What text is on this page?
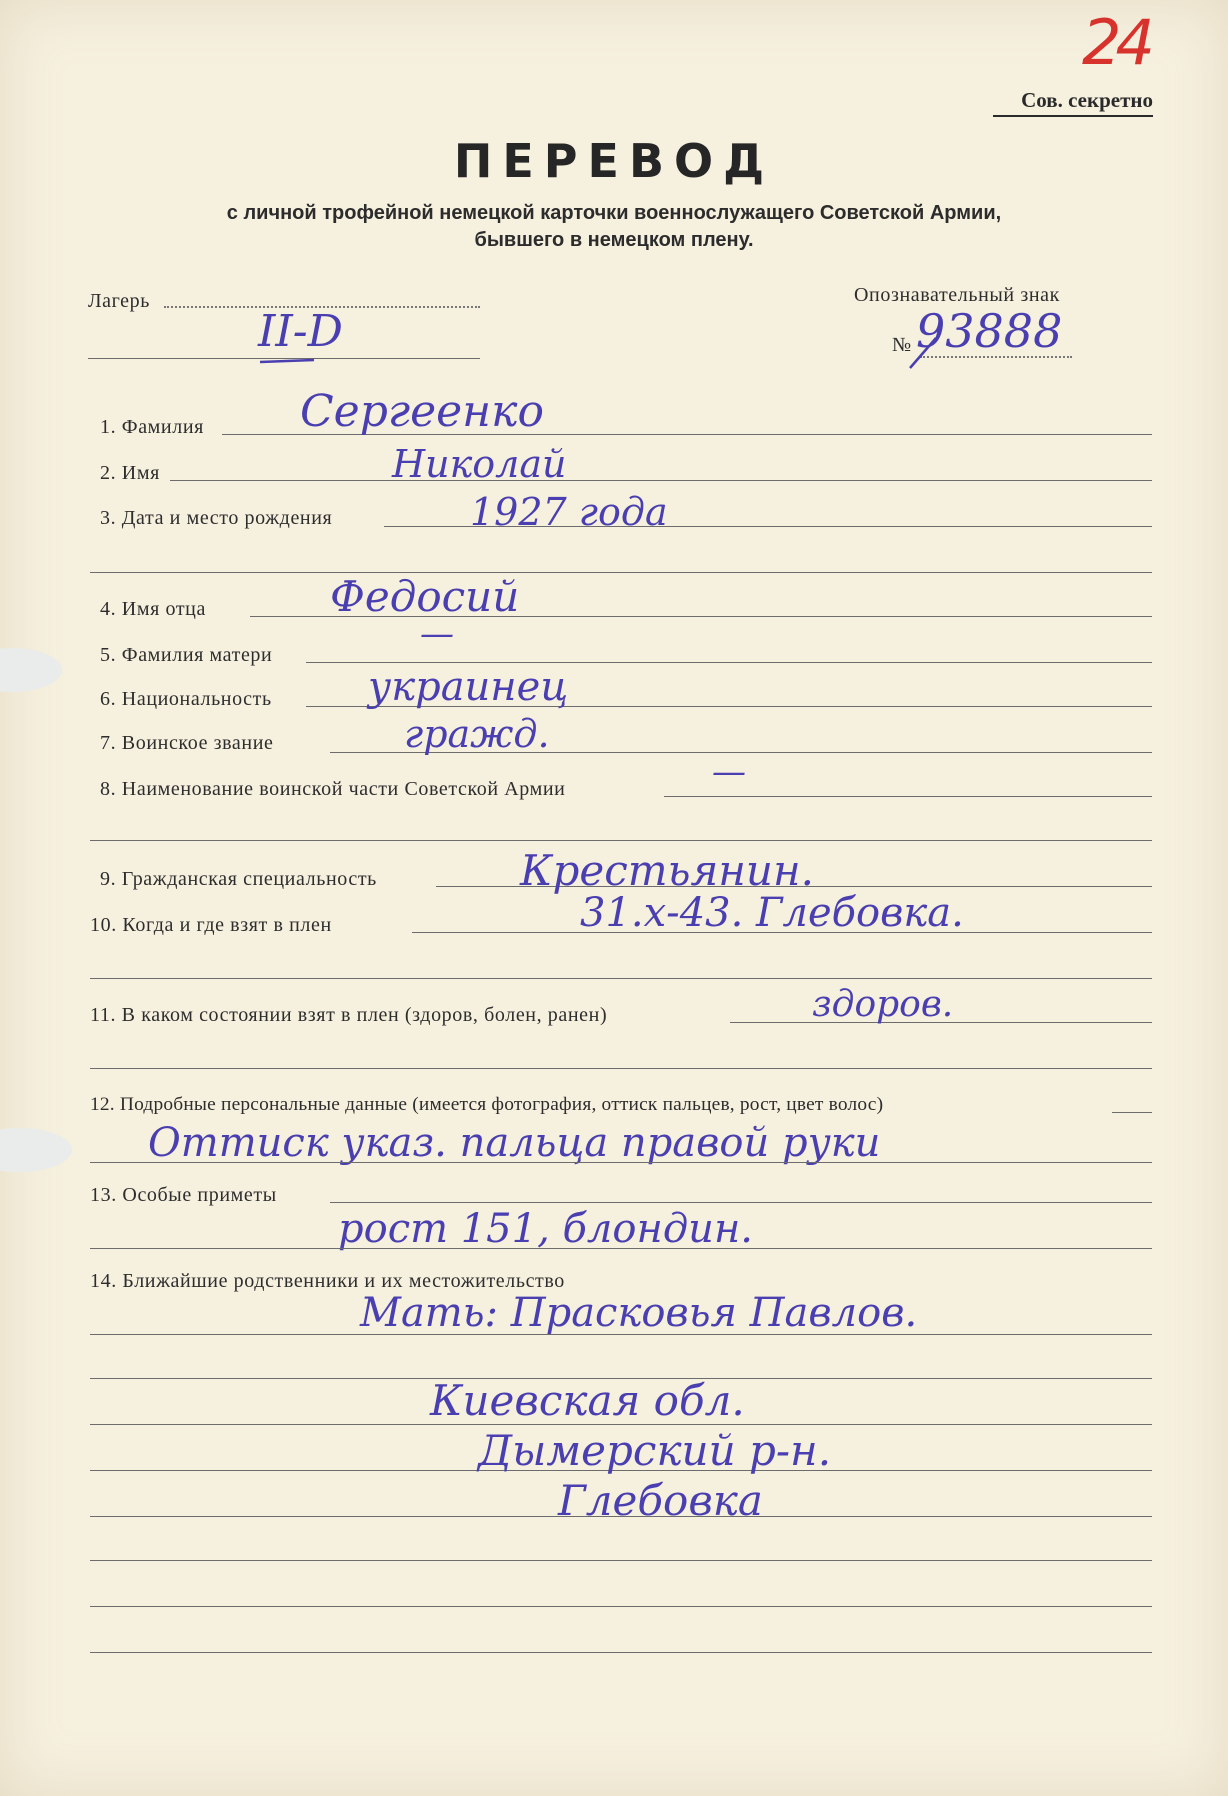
24
Сов. секретно
ПЕРЕВОД
с личной трофейной немецкой карточки военнослужащего Советской Армии,
бывшего в немецком плену.
Лагерь
II-D
Опознавательный знак
№ 93888
1. Фамилия Сергеенко
2. Имя	Николай
3. Дата и место рождения	1927 года
4. Имя отца	Федосий
5. Фамилия матери
—
6. Национальность украинец
7. Воинское звание	гражд.
8. Наименование воинской части Советской Армии	—
9. Гражданская специальность	Крестьянин.
10. Когда и где взят в плен	31.х-43. Глебовка.
11. В каком состоянии взят в плен (здоров, болен, ранен)	здоров.
12. Подробные персональные данные (имеется фотография, оттиск пальцев, рост, цвет волос)
Оттиск указ. пальца правой руки
13. Особые приметы
рост 151, блондин.
14. Ближайшие родственники и их местожительство
Мать: Прасковья Павлов.
Киевская обл.
Дымерский р-н.
Глебовка
